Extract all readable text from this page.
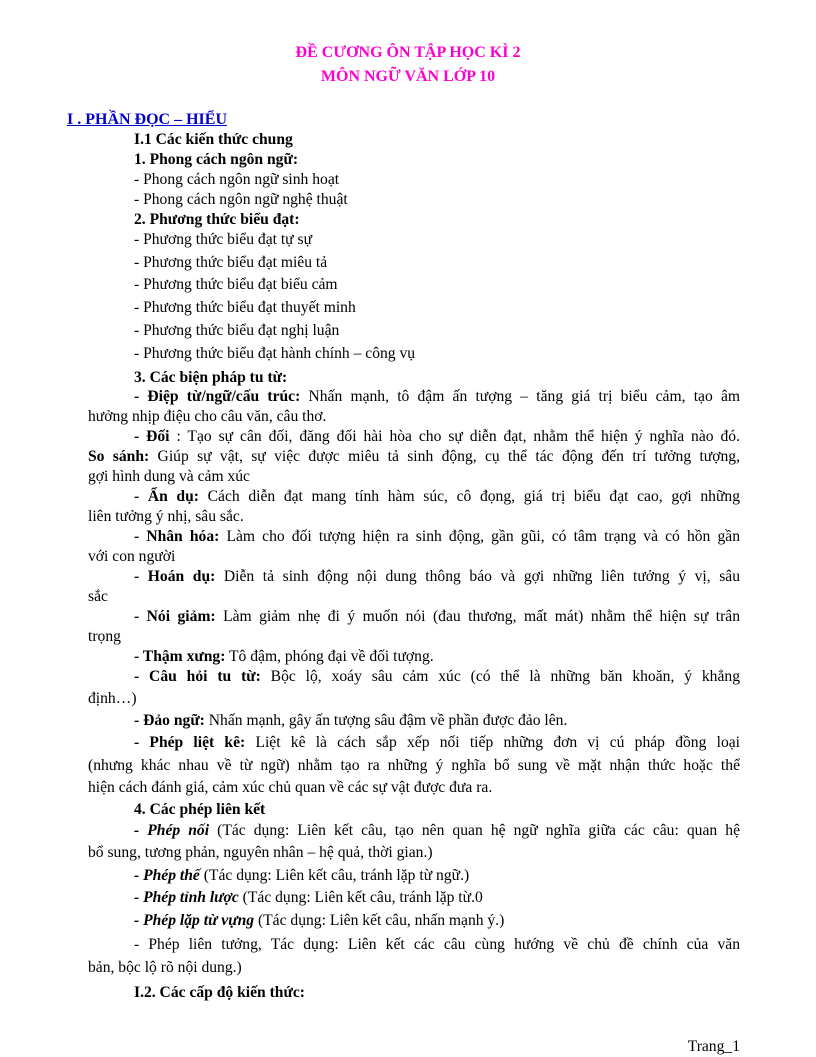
ĐỀ CƯƠNG ÔN TẬP HỌC KÌ 2
MÔN NGỮ VĂN LỚP 10
I . PHẦN ĐỌC – HIỂU
I.1 Các kiến thức chung
1. Phong cách ngôn ngữ:
- Phong cách ngôn ngữ sinh hoạt
- Phong cách ngôn ngữ nghệ thuật
2. Phương thức biểu đạt:
- Phương thức biểu đạt tự sự
- Phương thức biểu đạt miêu tả
- Phương thức biểu đạt biểu cảm
- Phương thức biểu đạt thuyết minh
- Phương thức biểu đạt nghị luận
- Phương thức biểu đạt hành chính – công vụ
3. Các biện pháp tu từ:
- Điệp từ/ngữ/cấu trúc: Nhấn mạnh, tô đậm ấn tượng – tăng giá trị biểu cảm, tạo âm
hưởng nhịp điệu cho câu văn, câu thơ.
- Đối : Tạo sự cân đối, đăng đối hài hòa cho sự diễn đạt, nhằm thể hiện ý nghĩa nào đó.
So sánh: Giúp sự vật, sự việc được miêu tả sinh động, cụ thể tác động đến trí tưởng tượng,
gợi hình dung và cảm xúc
- Ẩn dụ: Cách diễn đạt mang tính hàm súc, cô đọng, giá trị biểu đạt cao, gợi những
liên tưởng ý nhị, sâu sắc.
- Nhân hóa: Làm cho đối tượng hiện ra sinh động, gần gũi, có tâm trạng và có hồn gần
với con người
- Hoán dụ: Diễn tả sinh động nội dung thông báo và gợi những liên tưởng ý vị, sâu
sắc
- Nói giảm: Làm giảm nhẹ đi ý muốn nói (đau thương, mất mát) nhằm thể hiện sự trân
trọng
- Thậm xưng: Tô đậm, phóng đại về đối tượng.
- Câu hỏi tu từ: Bộc lộ, xoáy sâu cảm xúc (có thể là những băn khoăn, ý khẳng
định…)
- Đảo ngữ: Nhấn mạnh, gây ấn tượng sâu đậm về phần được đảo lên.
- Phép liệt kê: Liệt kê là cách sắp xếp nối tiếp những đơn vị cú pháp đồng loại
(nhưng khác nhau về từ ngữ) nhằm tạo ra những ý nghĩa bổ sung về mặt nhận thức hoặc thể
hiện cách đánh giá, cảm xúc chủ quan về các sự vật được đưa ra.
4. Các phép liên kết
- Phép nối (Tác dụng: Liên kết câu, tạo nên quan hệ ngữ nghĩa giữa các câu: quan hệ
bổ sung, tương phản, nguyên nhân – hệ quả, thời gian.)
- Phép thế (Tác dụng: Liên kết câu, tránh lặp từ ngữ.)
- Phép tỉnh lược (Tác dụng: Liên kết câu, tránh lặp từ.0
- Phép lặp từ vựng (Tác dụng: Liên kết câu, nhấn mạnh ý.)
- Phép liên tưởng, Tác dụng: Liên kết các câu cùng hướng về chủ đề chính của văn
bản, bộc lộ rõ nội dung.)
I.2. Các cấp độ kiến thức:
Trang_1
